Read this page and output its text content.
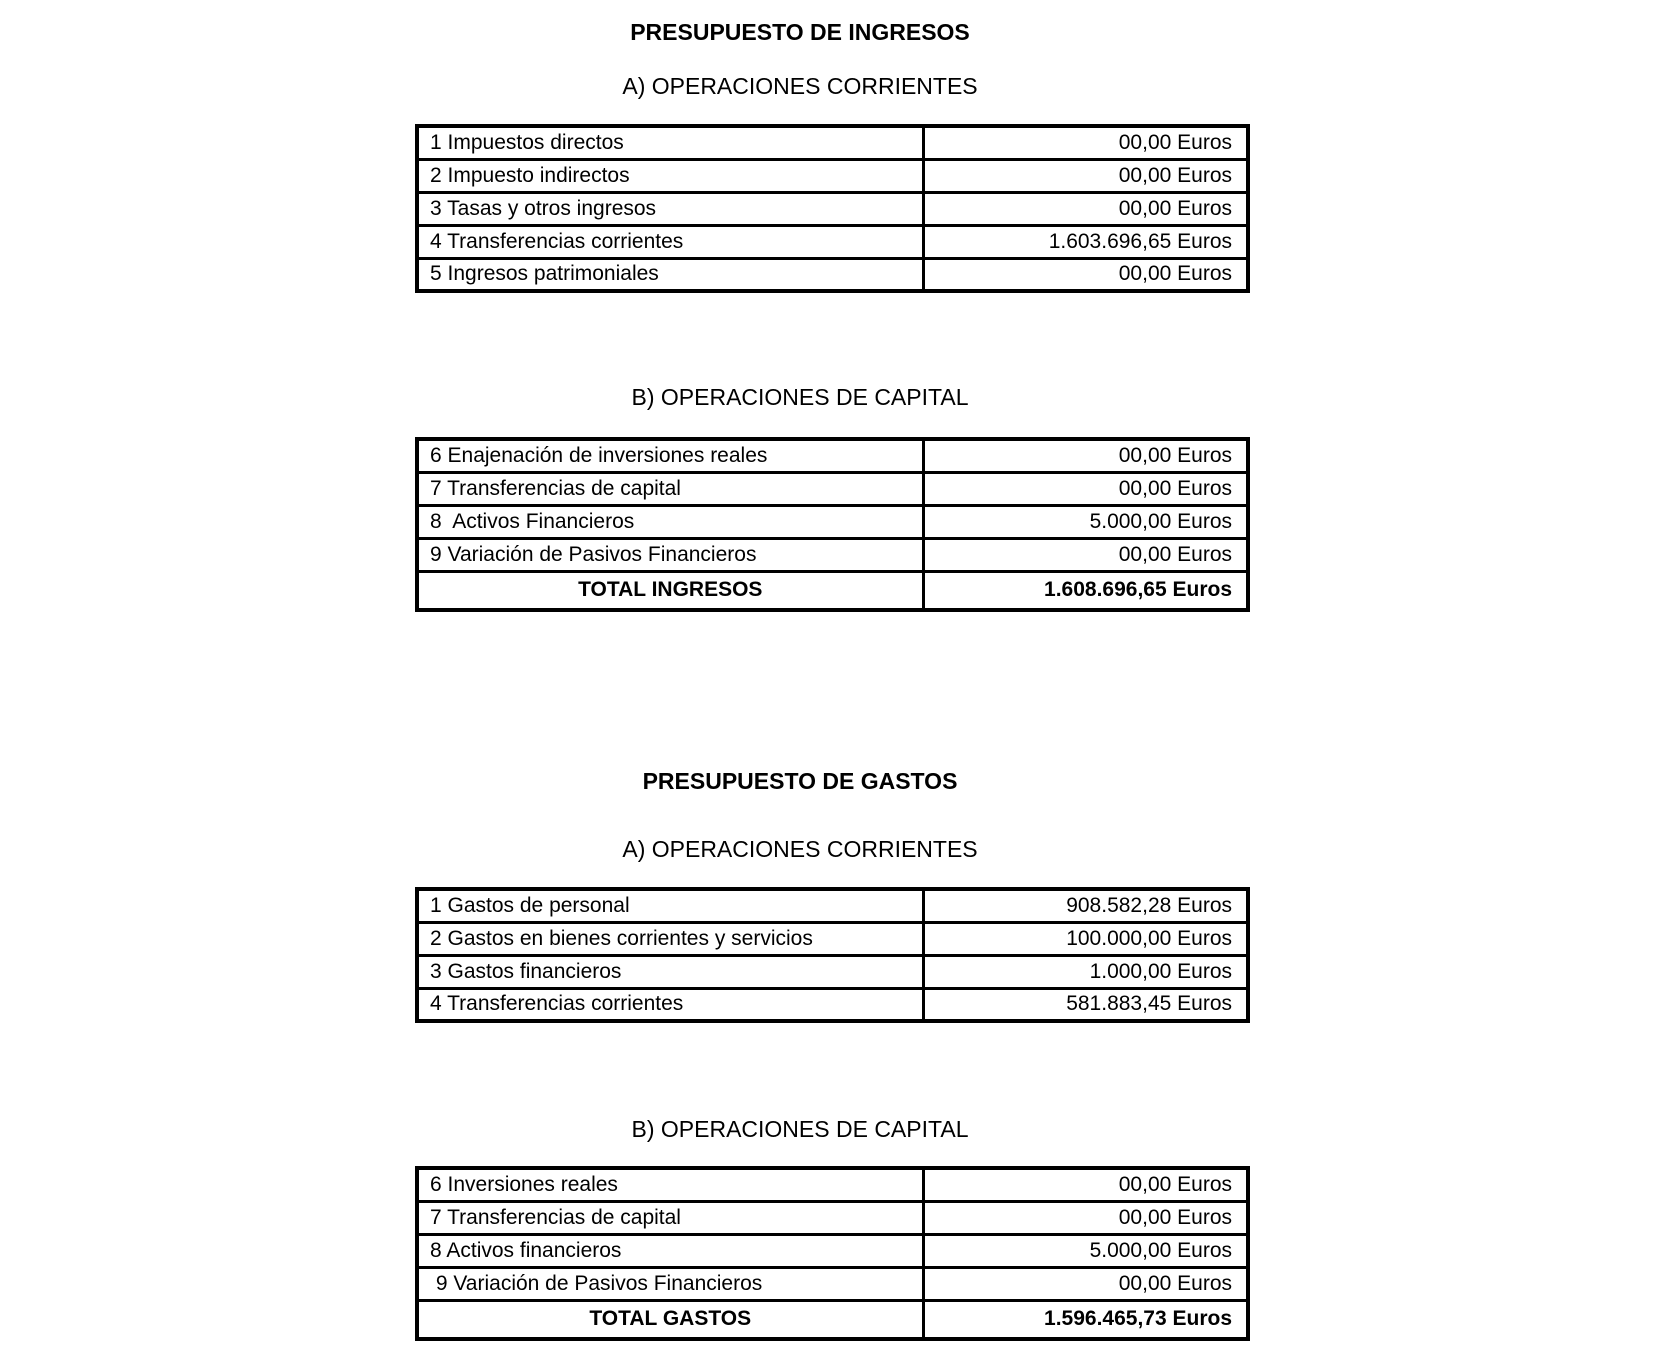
PRESUPUESTO DE INGRESOS
A) OPERACIONES CORRIENTES
1 Impuestos directos	00,00 Euros
2 Impuesto indirectos	00,00 Euros
3 Tasas y otros ingresos	00,00 Euros
4 Transferencias corrientes	1.603.696,65 Euros
5 Ingresos patrimoniales	00,00 Euros
B) OPERACIONES DE CAPITAL
6 Enajenación de inversiones reales	00,00 Euros
7 Transferencias de capital	00,00 Euros
8  Activos Financieros	5.000,00 Euros
9 Variación de Pasivos Financieros	00,00 Euros
TOTAL INGRESOS	1.608.696,65 Euros
PRESUPUESTO DE GASTOS
A) OPERACIONES CORRIENTES
1 Gastos de personal	908.582,28 Euros
2 Gastos en bienes corrientes y servicios	100.000,00 Euros
3 Gastos financieros	1.000,00 Euros
4 Transferencias corrientes	581.883,45 Euros
B) OPERACIONES DE CAPITAL
6 Inversiones reales	00,00 Euros
7 Transferencias de capital	00,00 Euros
8 Activos financieros	5.000,00 Euros
9 Variación de Pasivos Financieros	00,00 Euros
TOTAL GASTOS	1.596.465,73 Euros
